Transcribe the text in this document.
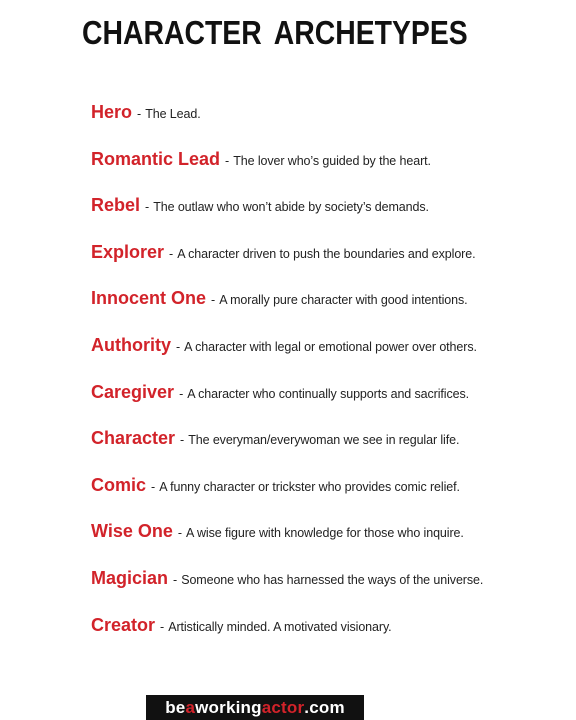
CHARACTER ARCHETYPES
Hero - The Lead.
Romantic Lead - The lover who’s guided by the heart.
Rebel - The outlaw who won’t abide by society’s demands.
Explorer - A character driven to push the boundaries and explore.
Innocent One - A morally pure character with good intentions.
Authority - A character with legal or emotional power over others.
Caregiver - A character who continually supports and sacrifices.
Character - The everyman/everywoman we see in regular life.
Comic - A funny character or trickster who provides comic relief.
Wise One - A wise figure with knowledge for those who inquire.
Magician - Someone who has harnessed the ways of the universe.
Creator - Artistically minded. A motivated visionary.
be a working actor .com
